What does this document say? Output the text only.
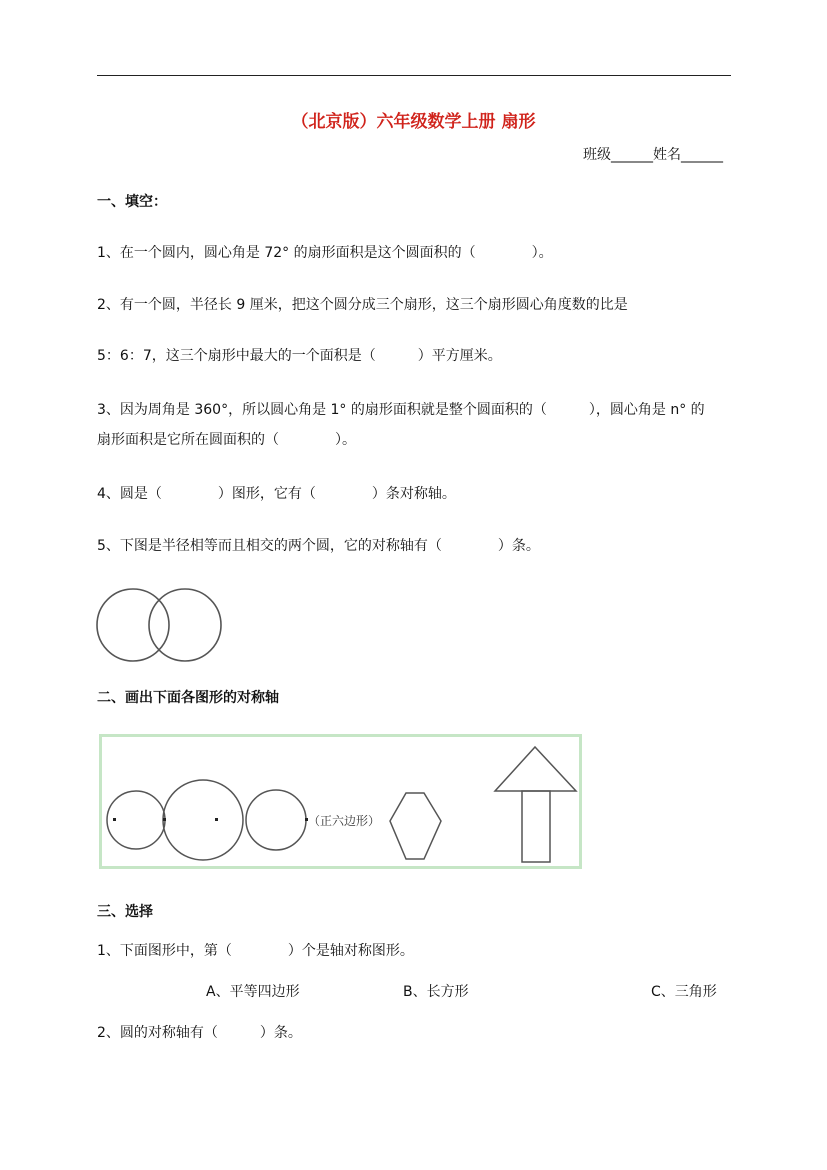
（北京版）六年级数学上册 扇形
班级______姓名______
一、填空：
1、在一个圆内，圆心角是 72° 的扇形面积是这个圆面积的（　　　　）。
2、有一个圆，半径长 9 厘米，把这个圆分成三个扇形，这三个扇形圆心角度数的比是
5：6：7，这三个扇形中最大的一个面积是（　　　）平方厘米。
3、因为周角是 360°，所以圆心角是 1° 的扇形面积就是整个圆面积的（　　　），圆心角是 n° 的
扇形面积是它所在圆面积的（　　　　）。
4、圆是（　　　　）图形，它有（　　　　）条对称轴。
5、下图是半径相等而且相交的两个圆，它的对称轴有（　　　　）条。
二、画出下面各图形的对称轴
（正六边形）
三、选择
1、下面图形中，第（　　　　）个是轴对称图形。
A、平等四边形	B、长方形	C、三角形
2、圆的对称轴有（　　　）条。
